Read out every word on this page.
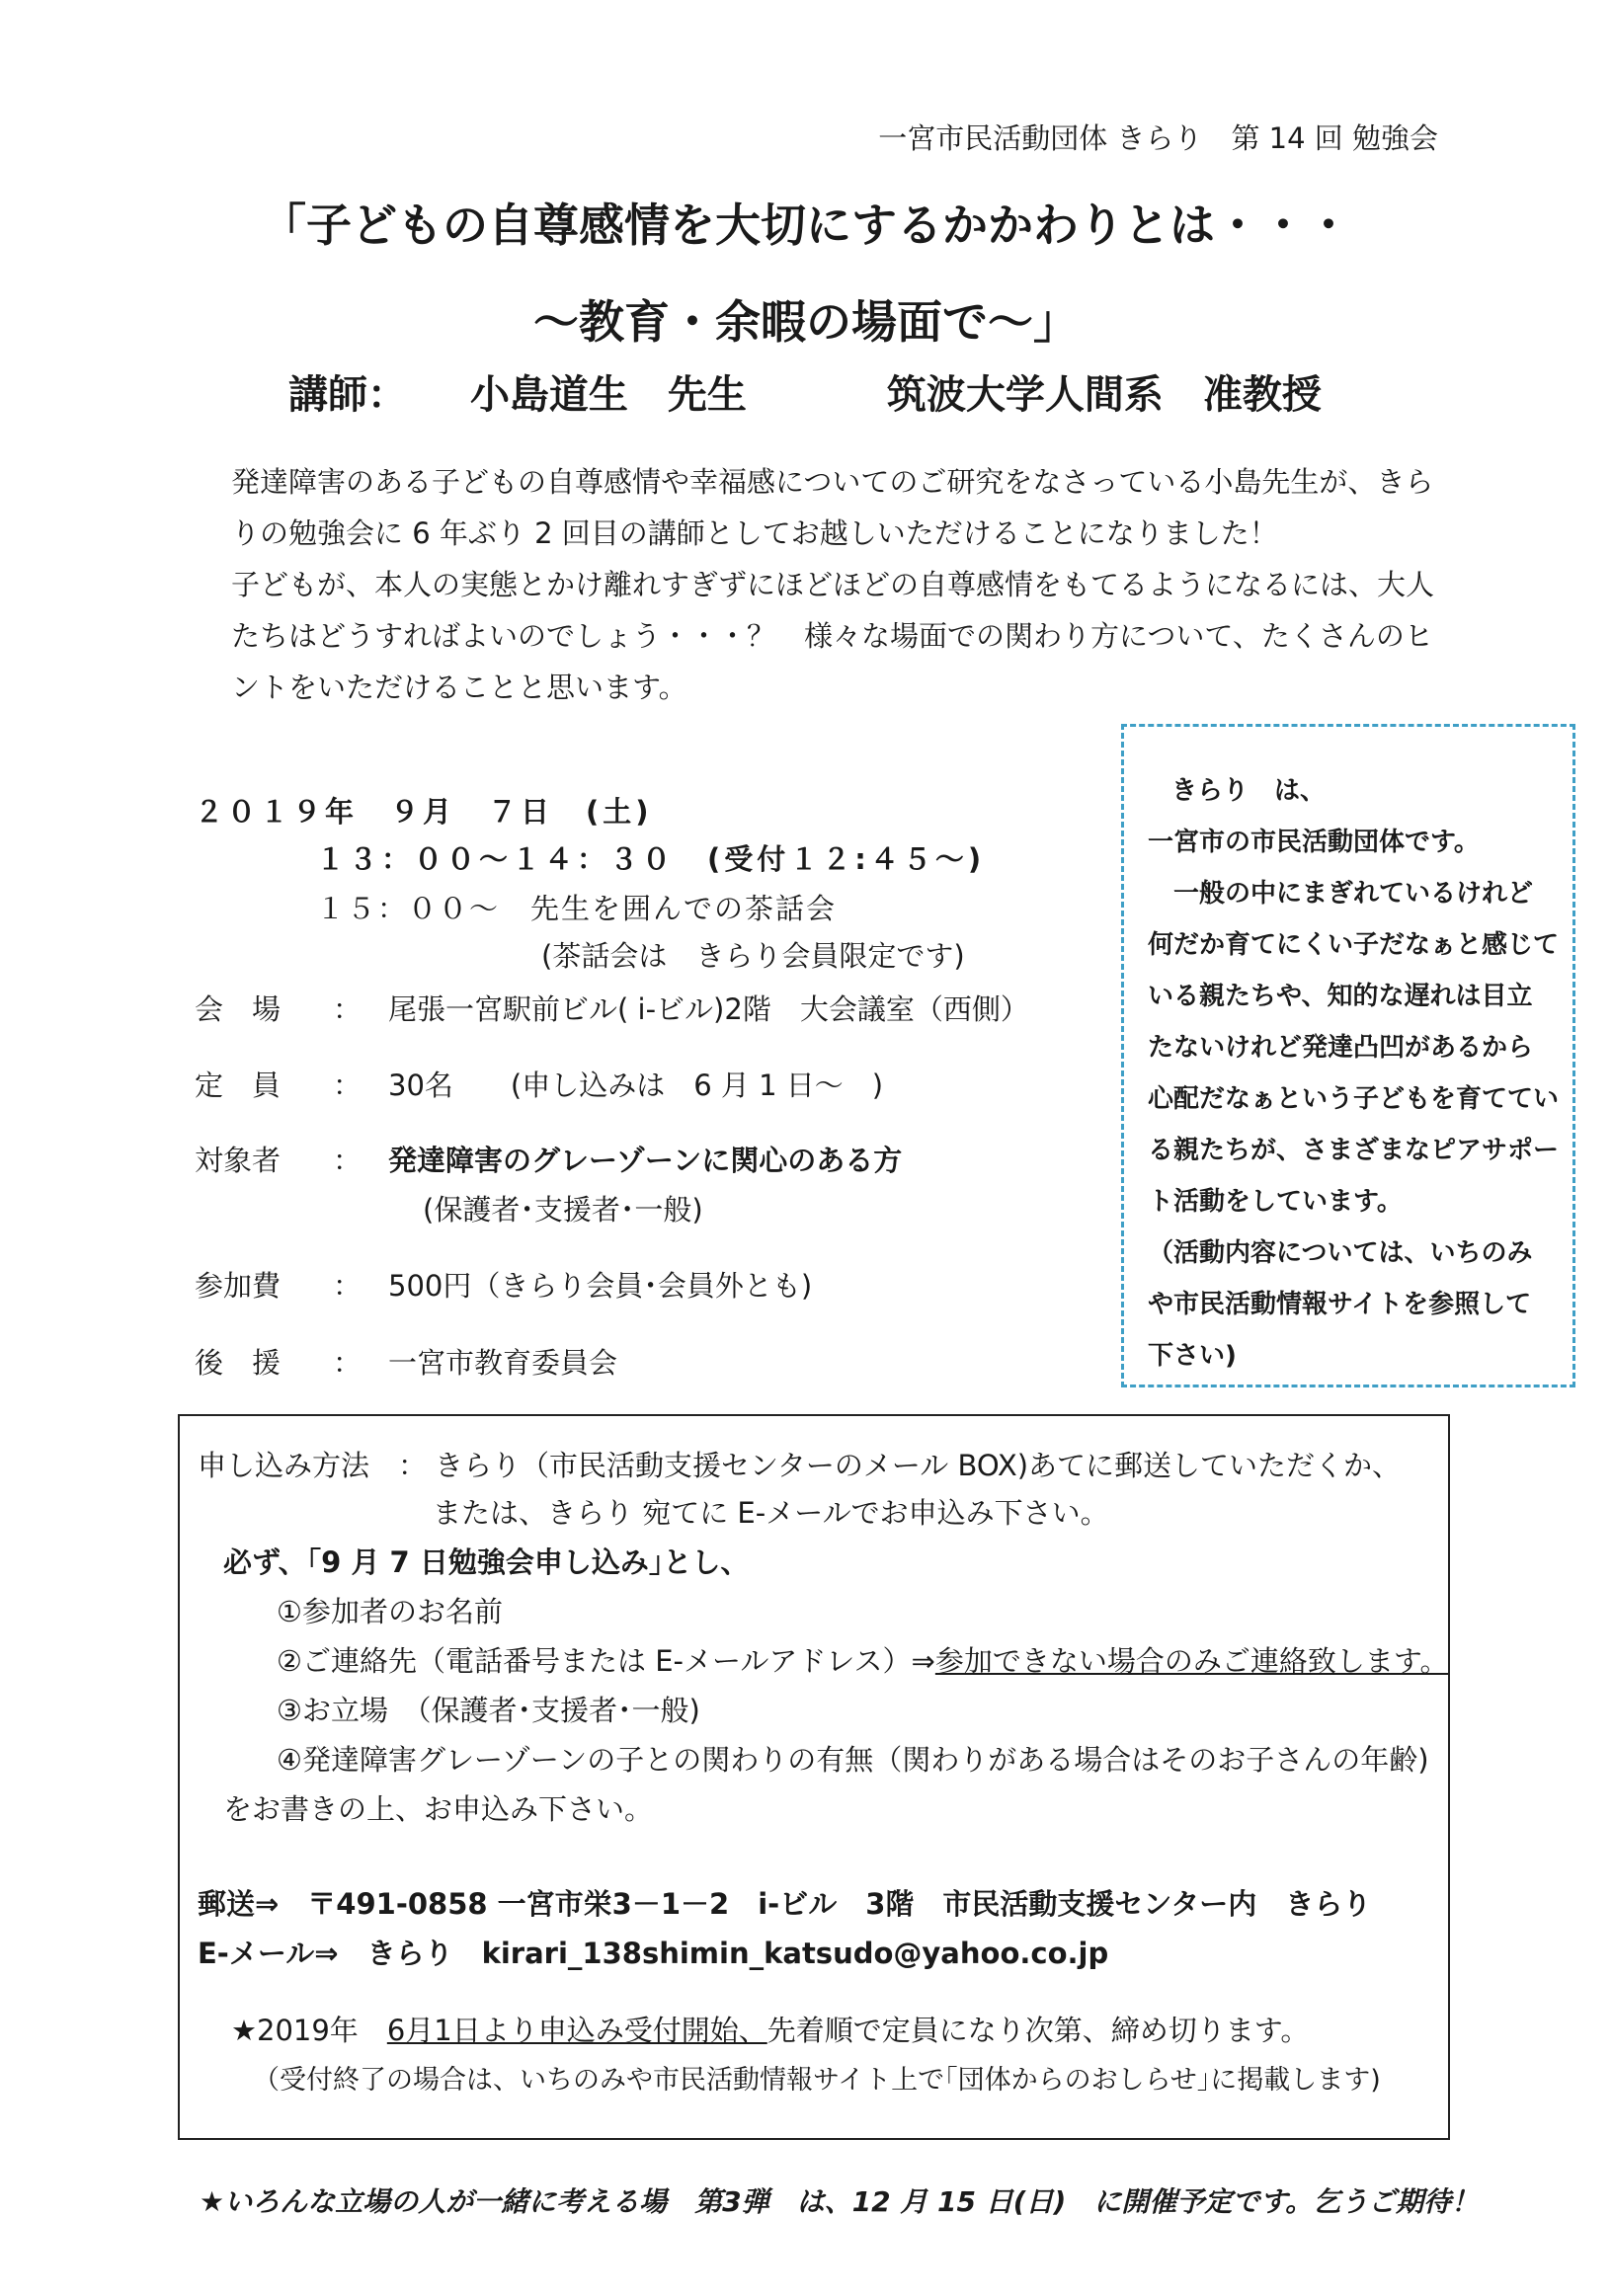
一宮市民活動団体 きらり　第 14 回 勉強会
「子どもの自尊感情を大切にするかかわりとは・・・
～教育・余暇の場面で～」
講師： 小島道生　先生	筑波大学人間系　准教授
発達障害のある子どもの自尊感情や幸福感についてのご研究をなさっている小島先生が、きらりの勉強会に 6 年ぶり 2 回目の講師としてお越しいただけることになりました！
子どもが、本人の実態とかけ離れすぎずにほどほどの自尊感情をもてるようになるには、大人たちはどうすればよいのでしょう・・・？　様々な場面での関わり方について、たくさんのヒントをいただけることと思います。
２０１９年　９月　７日　(土)
１３：００～１４：３０　(受付１２:４５～)
１５：００～　先生を囲んでの茶話会
(茶話会は　きらり会員限定です)
会　場 ： 尾張一宮駅前ビル( i-ビル)2階　大会議室（西側）
定　員 ： 30名　　(申し込みは　6 月 1 日～　)
対象者 ： 発達障害のグレーゾーンに関心のある方
(保護者･支援者･一般)
参加費 ： 500円（きらり会員･会員外とも)
後　援 ： 一宮市教育委員会
きらり　は、
一宮市の市民活動団体です。
　一般の中にまぎれているけれど
何だか育てにくい子だなぁと感じて
いる親たちや、知的な遅れは目立
たないけれど発達凸凹があるから
心配だなぁという子どもを育ててい
る親たちが、さまざまなピアサポー
ト活動をしています。
（活動内容については、いちのみ
や市民活動情報サイトを参照して
下さい)
申し込み方法　： きらり（市民活動支援センターのメール BOX)あてに郵送していただくか、
または、きらり 宛てに E-メールでお申込み下さい。
必ず、｢9 月 7 日勉強会申し込み｣とし、
①参加者のお名前
②ご連絡先（電話番号または E-メールアドレス）⇒参加できない場合のみご連絡致します。
③お立場　（保護者･支援者･一般)
④発達障害グレーゾーンの子との関わりの有無（関わりがある場合はそのお子さんの年齢)
をお書きの上、お申込み下さい。
郵送⇒　〒491-0858 一宮市栄3－1－2　i-ビル　3階　市民活動支援センター内　きらり
E-メール⇒　きらり　kirari_138shimin_katsudo@yahoo.co.jp
★2019年　6月1日より申込み受付開始、先着順で定員になり次第、締め切ります。
（受付終了の場合は、いちのみや市民活動情報サイト上で｢団体からのおしらせ｣に掲載します)
★いろんな立場の人が一緒に考える場　第3弾　は、12 月 15 日(日)　に開催予定です。乞うご期待！
